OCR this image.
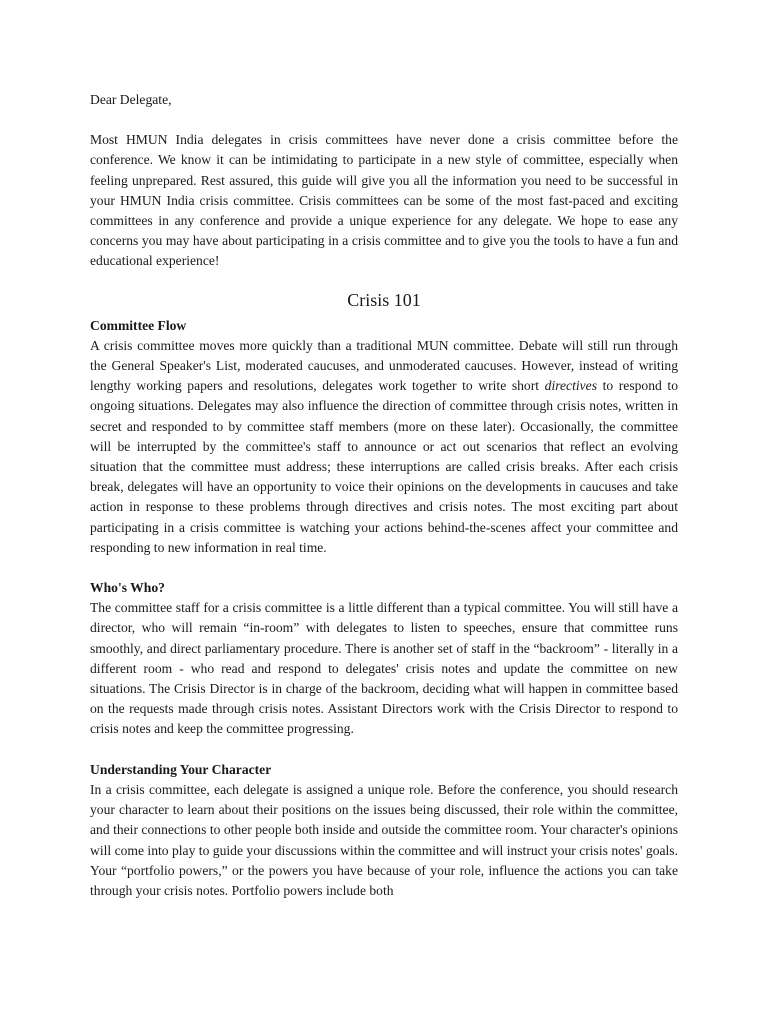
Dear Delegate,

Most HMUN India delegates in crisis committees have never done a crisis committee before the conference. We know it can be intimidating to participate in a new style of committee, especially when feeling unprepared. Rest assured, this guide will give you all the information you need to be successful in your HMUN India crisis committee. Crisis committees can be some of the most fast-paced and exciting committees in any conference and provide a unique experience for any delegate. We hope to ease any concerns you may have about participating in a crisis committee and to give you the tools to have a fun and educational experience!

Crisis 101

Committee Flow

A crisis committee moves more quickly than a traditional MUN committee. Debate will still run through the General Speaker's List, moderated caucuses, and unmoderated caucuses. However, instead of writing lengthy working papers and resolutions, delegates work together to write short directives to respond to ongoing situations. Delegates may also influence the direction of committee through crisis notes, written in secret and responded to by committee staff members (more on these later). Occasionally, the committee will be interrupted by the committee's staff to announce or act out scenarios that reflect an evolving situation that the committee must address; these interruptions are called crisis breaks. After each crisis break, delegates will have an opportunity to voice their opinions on the developments in caucuses and take action in response to these problems through directives and crisis notes. The most exciting part about participating in a crisis committee is watching your actions behind-the-scenes affect your committee and responding to new information in real time.

Who's Who?

The committee staff for a crisis committee is a little different than a typical committee. You will still have a director, who will remain “in-room” with delegates to listen to speeches, ensure that committee runs smoothly, and direct parliamentary procedure. There is another set of staff in the “backroom” - literally in a different room - who read and respond to delegates' crisis notes and update the committee on new situations. The Crisis Director is in charge of the backroom, deciding what will happen in committee based on the requests made through crisis notes. Assistant Directors work with the Crisis Director to respond to crisis notes and keep the committee progressing.

Understanding Your Character

In a crisis committee, each delegate is assigned a unique role. Before the conference, you should research your character to learn about their positions on the issues being discussed, their role within the committee, and their connections to other people both inside and outside the committee room. Your character's opinions will come into play to guide your discussions within the committee and will instruct your crisis notes' goals. Your “portfolio powers,” or the powers you have because of your role, influence the actions you can take through your crisis notes. Portfolio powers include both
